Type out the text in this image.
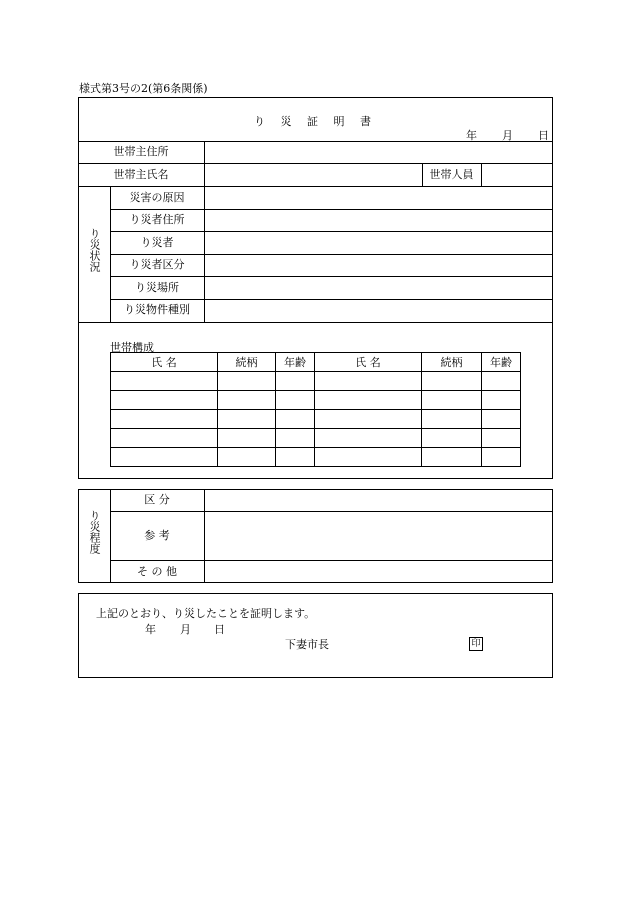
様式第3号の2(第6条関係)
り 災 証 明 書
年 月 日
世帯主住所
世帯主氏名	世帯人員
り災状況
災害の原因
り災者住所
り災者
り災者区分
り災場所
り災物件種別
世帯構成
氏 名	続柄	年齢	氏 名	続柄	年齢

り災程度
区 分
参 考
そ の 他
上記のとおり、り災したことを証明します。
年 月 日
下妻市長	印
